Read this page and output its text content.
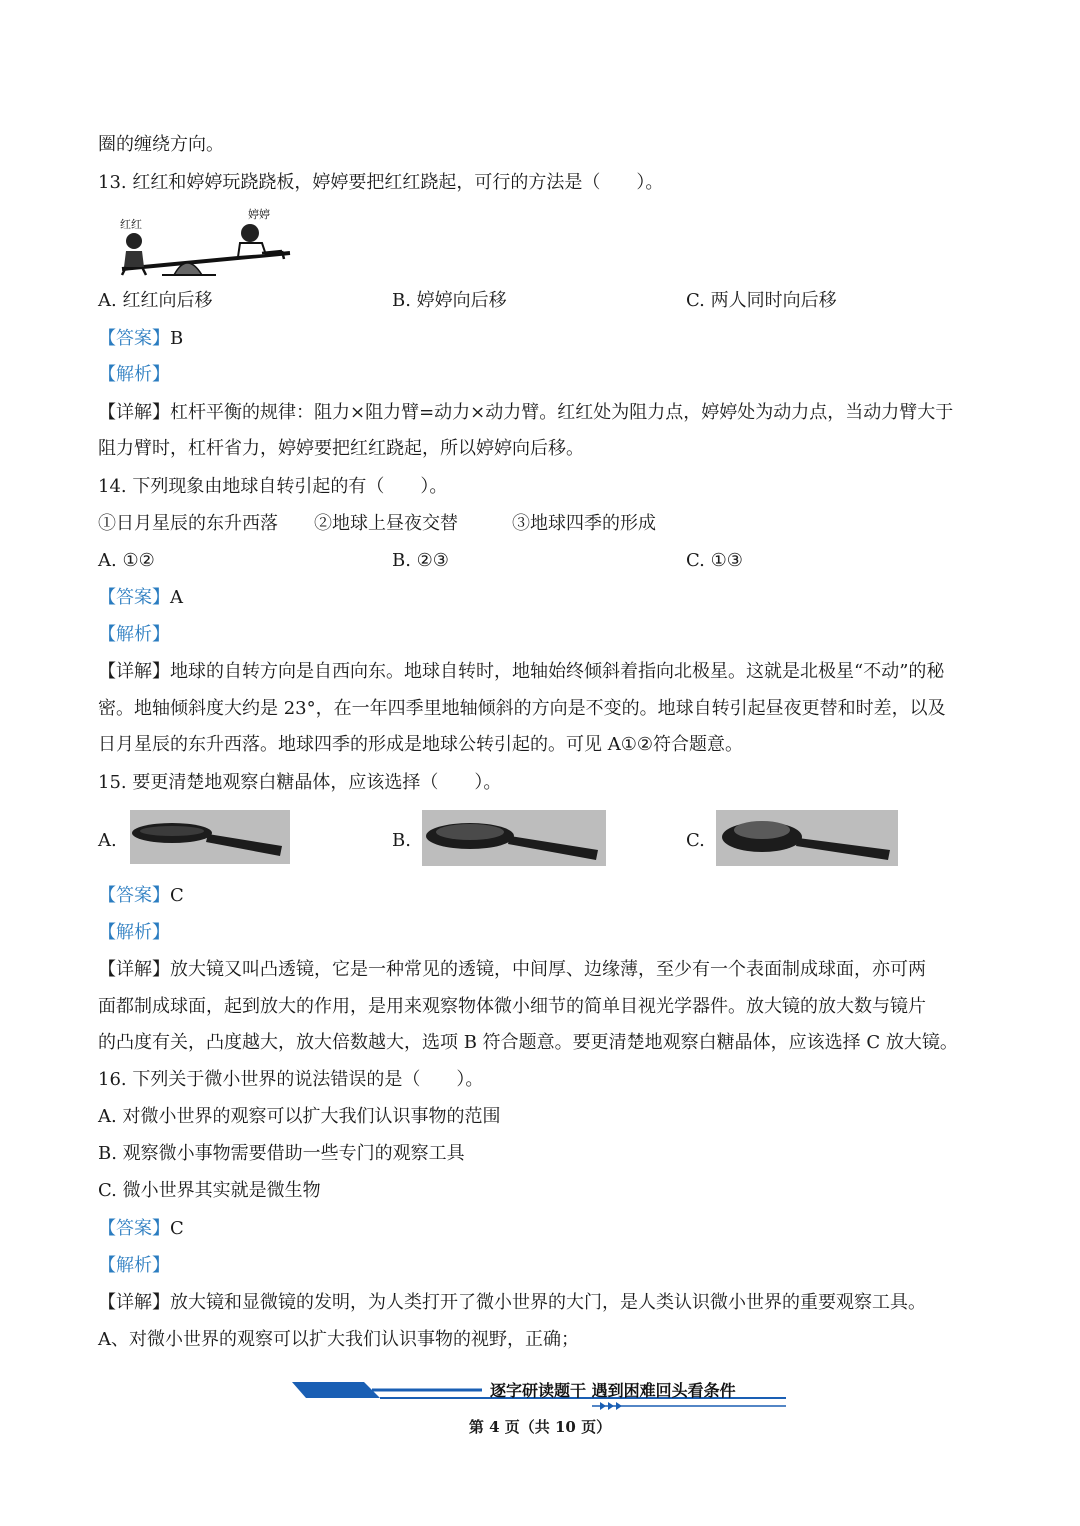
圈的缠绕方向。
13. 红红和婷婷玩跷跷板，婷婷要把红红跷起，可行的方法是（　　）。
红红
婷婷
A. 红红向后移	B. 婷婷向后移	C. 两人同时向后移
【答案】B
【解析】
【详解】杠杆平衡的规律：阻力×阻力臂=动力×动力臂。红红处为阻力点，婷婷处为动力点，当动力臂大于
阻力臂时，杠杆省力，婷婷要把红红跷起，所以婷婷向后移。
14. 下列现象由地球自转引起的有（　　）。
①日月星辰的东升西落　　②地球上昼夜交替　　　③地球四季的形成
A. ①②	B. ②③	C. ①③
【答案】A
【解析】
【详解】地球的自转方向是自西向东。地球自转时，地轴始终倾斜着指向北极星。这就是北极星“不动”的秘
密。地轴倾斜度大约是 23°，在一年四季里地轴倾斜的方向是不变的。地球自转引起昼夜更替和时差，以及
日月星辰的东升西落。地球四季的形成是地球公转引起的。可见 A①②符合题意。
15. 要更清楚地观察白糖晶体，应该选择（　　）。
A.	B.	C.
【答案】C
【解析】
【详解】放大镜又叫凸透镜，它是一种常见的透镜，中间厚、边缘薄，至少有一个表面制成球面，亦可两
面都制成球面，起到放大的作用，是用来观察物体微小细节的简单目视光学器件。放大镜的放大数与镜片
的凸度有关，凸度越大，放大倍数越大，选项 B 符合题意。要更清楚地观察白糖晶体，应该选择 C 放大镜。
16. 下列关于微小世界的说法错误的是（　　）。
A. 对微小世界的观察可以扩大我们认识事物的范围
B. 观察微小事物需要借助一些专门的观察工具
C. 微小世界其实就是微生物
【答案】C
【解析】
【详解】放大镜和显微镜的发明，为人类打开了微小世界的大门，是人类认识微小世界的重要观察工具。
A、对微小世界的观察可以扩大我们认识事物的视野，正确；
逐字研读题干 遇到困难回头看条件
第 4 页（共 10 页）
